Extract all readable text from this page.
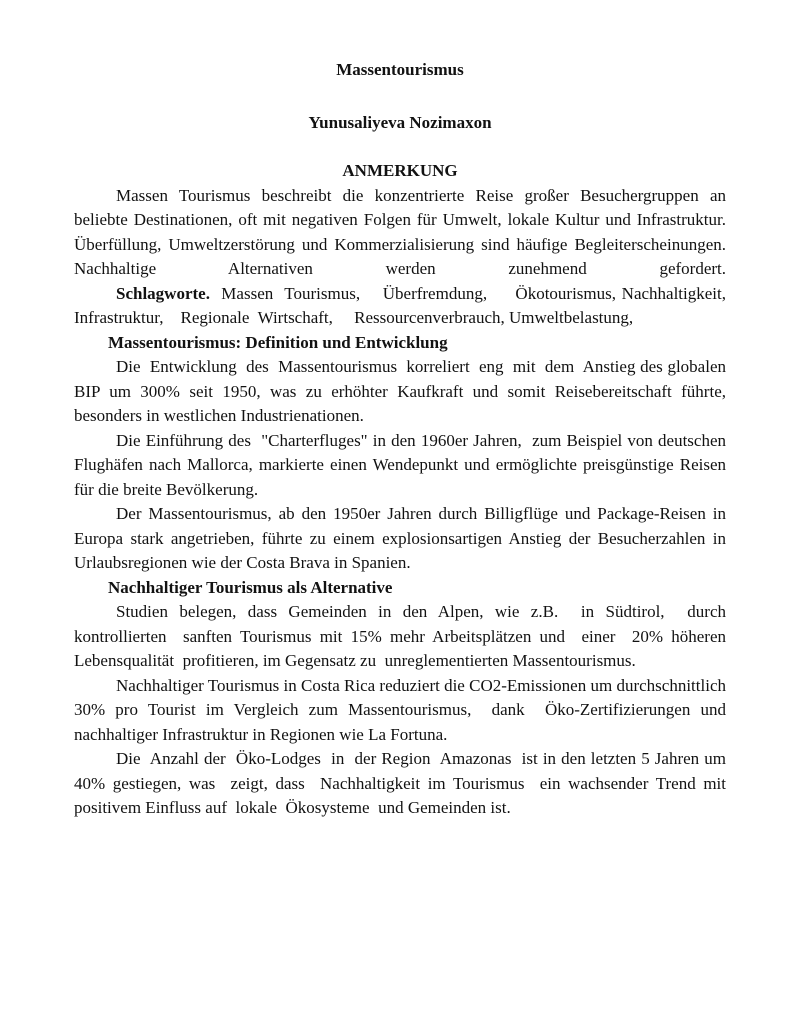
Massentourismus

Yunusaliyeva Nozimaxon

ANMERKUNG

Massen Tourismus beschreibt die konzentrierte Reise großer Besuchergruppen an beliebte Destinationen, oft mit negativen Folgen für Umwelt, lokale Kultur und Infrastruktur.  Überfüllung, Umweltzerstörung und Kommerzialisierung sind häufige Begleiterscheinungen.   Nachhaltige Alternativen werden zunehmend gefordert.

Schlagworte.  Massen  Tourismus,    Überfremdung,     Ökotourismus, Nachhaltigkeit,     Infrastruktur,    Regionale  Wirtschaft,     Ressourcenverbrauch, Umweltbelastung,

Massentourismus: Definition und Entwicklung

Die  Entwicklung  des  Massentourismus  korreliert  eng  mit  dem  Anstieg des globalen BIP um 300% seit 1950, was zu erhöhter Kaufkraft und somit Reisebereitschaft führte, besonders in westlichen Industrienationen.

Die Einführung des  "Charterfluges" in den 1960er Jahren,  zum Beispiel von deutschen Flughäfen nach Mallorca, markierte einen Wendepunkt und ermöglichte preisgünstige Reisen für die breite Bevölkerung.

Der Massentourismus, ab den 1950er Jahren durch Billigflüge und Package-Reisen in   Europa stark angetrieben, führte zu einem explosionsartigen Anstieg der Besucherzahlen in Urlaubsregionen wie der Costa Brava in Spanien.

Nachhaltiger Tourismus als Alternative

Studien belegen, dass Gemeinden in den Alpen, wie z.B.  in Südtirol,  durch kontrollierten  sanften Tourismus mit 15% mehr Arbeitsplätzen und  einer  20% höheren Lebensqualität  profitieren, im Gegensatz zu  unreglementierten Massentourismus.

Nachhaltiger Tourismus in Costa Rica reduziert die CO2-Emissionen um durchschnittlich 30% pro Tourist im Vergleich zum Massentourismus,  dank  Öko-Zertifizierungen und  nachhaltiger Infrastruktur in Regionen wie La Fortuna.

Die  Anzahl der  Öko-Lodges  in  der Region  Amazonas  ist in den letzten 5 Jahren um 40% gestiegen, was  zeigt, dass  Nachhaltigkeit im Tourismus  ein wachsender Trend mit  positivem Einfluss auf  lokale  Ökosysteme  und Gemeinden ist.
